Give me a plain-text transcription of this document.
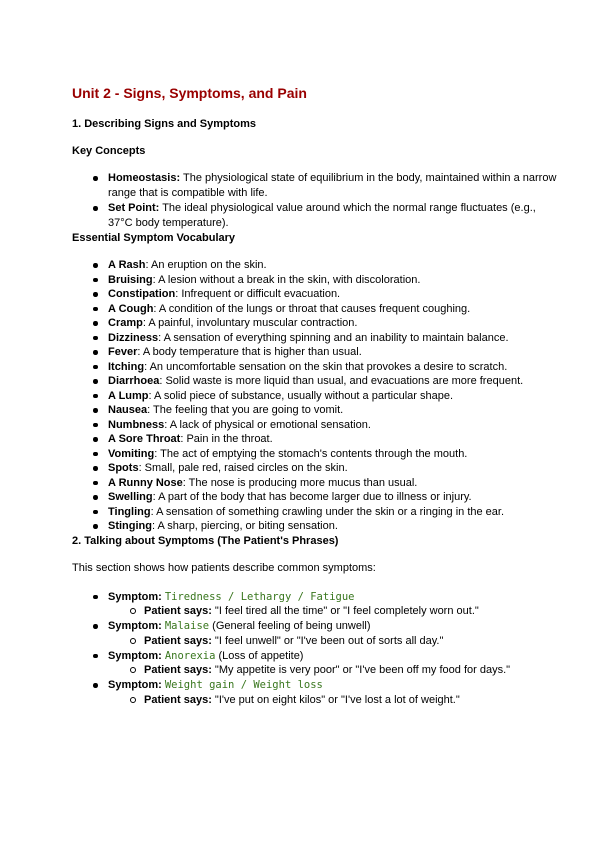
Unit 2 - Signs, Symptoms, and Pain
1. Describing Signs and Symptoms
Key Concepts
Homeostasis: The physiological state of equilibrium in the body, maintained within a narrow range that is compatible with life.
Set Point: The ideal physiological value around which the normal range fluctuates (e.g., 37°C body temperature).
Essential Symptom Vocabulary
A Rash: An eruption on the skin.
Bruising: A lesion without a break in the skin, with discoloration.
Constipation: Infrequent or difficult evacuation.
A Cough: A condition of the lungs or throat that causes frequent coughing.
Cramp: A painful, involuntary muscular contraction.
Dizziness: A sensation of everything spinning and an inability to maintain balance.
Fever: A body temperature that is higher than usual.
Itching: An uncomfortable sensation on the skin that provokes a desire to scratch.
Diarrhoea: Solid waste is more liquid than usual, and evacuations are more frequent.
A Lump: A solid piece of substance, usually without a particular shape.
Nausea: The feeling that you are going to vomit.
Numbness: A lack of physical or emotional sensation.
A Sore Throat: Pain in the throat.
Vomiting: The act of emptying the stomach's contents through the mouth.
Spots: Small, pale red, raised circles on the skin.
A Runny Nose: The nose is producing more mucus than usual.
Swelling: A part of the body that has become larger due to illness or injury.
Tingling: A sensation of something crawling under the skin or a ringing in the ear.
Stinging: A sharp, piercing, or biting sensation.
2. Talking about Symptoms (The Patient's Phrases)

This section shows how patients describe common symptoms:

Symptom: Tiredness / Lethargy / Fatigue
Patient says: "I feel tired all the time" or "I feel completely worn out."
Symptom: Malaise (General feeling of being unwell)
Patient says: "I feel unwell" or "I've been out of sorts all day."
Symptom: Anorexia (Loss of appetite)
Patient says: "My appetite is very poor" or "I've been off my food for days."
Symptom: Weight gain / Weight loss
Patient says: "I've put on eight kilos" or "I've lost a lot of weight."
